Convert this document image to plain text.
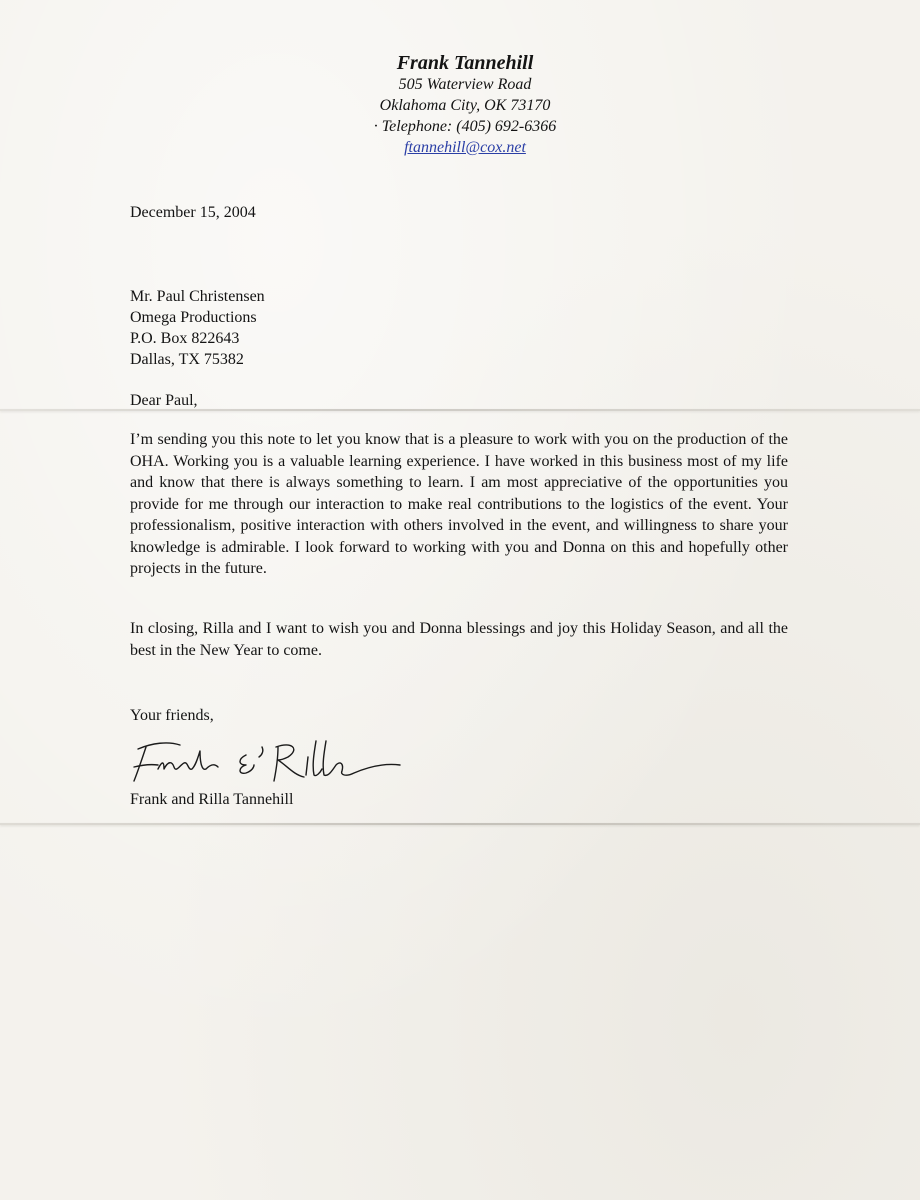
Frank Tannehill
505 Waterview Road
Oklahoma City, OK 73170
· Telephone: (405) 692-6366
ftannehill@cox.net
December 15, 2004
Mr. Paul Christensen
Omega Productions
P.O. Box 822643
Dallas, TX 75382
Dear Paul,
I’m sending you this note to let you know that is a pleasure to work with you on the production of the OHA. Working you is a valuable learning experience. I have worked in this business most of my life and know that there is always something to learn. I am most appreciative of the opportunities you provide for me through our interaction to make real contributions to the logistics of the event. Your professionalism, positive interaction with others involved in the event, and willingness to share your knowledge is admirable. I look forward to working with you and Donna on this and hopefully other projects in the future.
In closing, Rilla and I want to wish you and Donna blessings and joy this Holiday Season, and all the best in the New Year to come.
Your friends,
Frank and Rilla Tannehill
